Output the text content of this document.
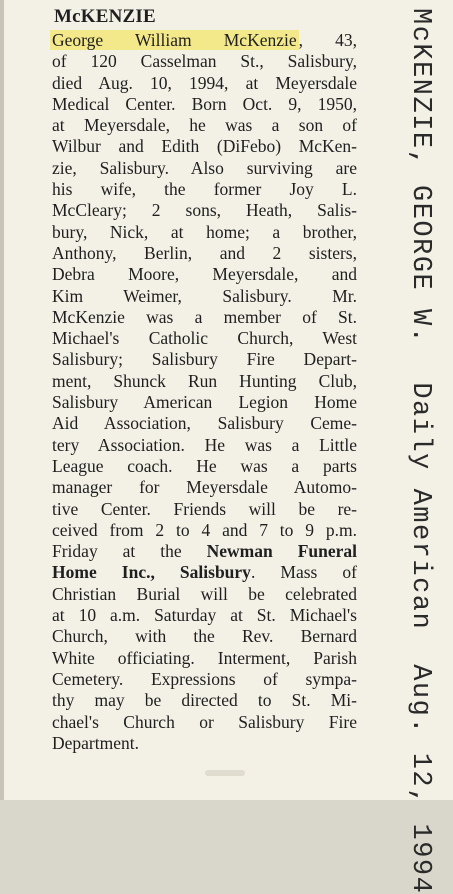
McKENZIE
George William McKenzie , 43,
of 120 Casselman St., Salisbury,
died Aug. 10, 1994, at Meyersdale
Medical Center. Born Oct. 9, 1950,
at Meyersdale, he was a son of
Wilbur and Edith (DiFebo) McKen-
zie, Salisbury. Also surviving are
his wife, the former Joy L.
McCleary; 2 sons, Heath, Salis-
bury, Nick, at home; a brother,
Anthony, Berlin, and 2 sisters,
Debra Moore, Meyersdale, and
Kim Weimer, Salisbury. Mr.
McKenzie was a member of St.
Michael's Catholic Church, West
Salisbury; Salisbury Fire Depart-
ment, Shunck Run Hunting Club,
Salisbury American Legion Home
Aid Association, Salisbury Ceme-
tery Association. He was a Little
League coach. He was a parts
manager for Meyersdale Automo-
tive Center. Friends will be re-
ceived from 2 to 4 and 7 to 9 p.m.
Friday at the Newman Funeral
Home Inc., Salisbury. Mass of
Christian Burial will be celebrated
at 10 a.m. Saturday at St. Michael's
Church, with the Rev. Bernard
White officiating. Interment, Parish
Cemetery. Expressions of sympa-
thy may be directed to St. Mi-
chael's Church or Salisbury Fire
Department.
McKENZIE, GEORGE W.
Daily American
Aug. 12, 1994
